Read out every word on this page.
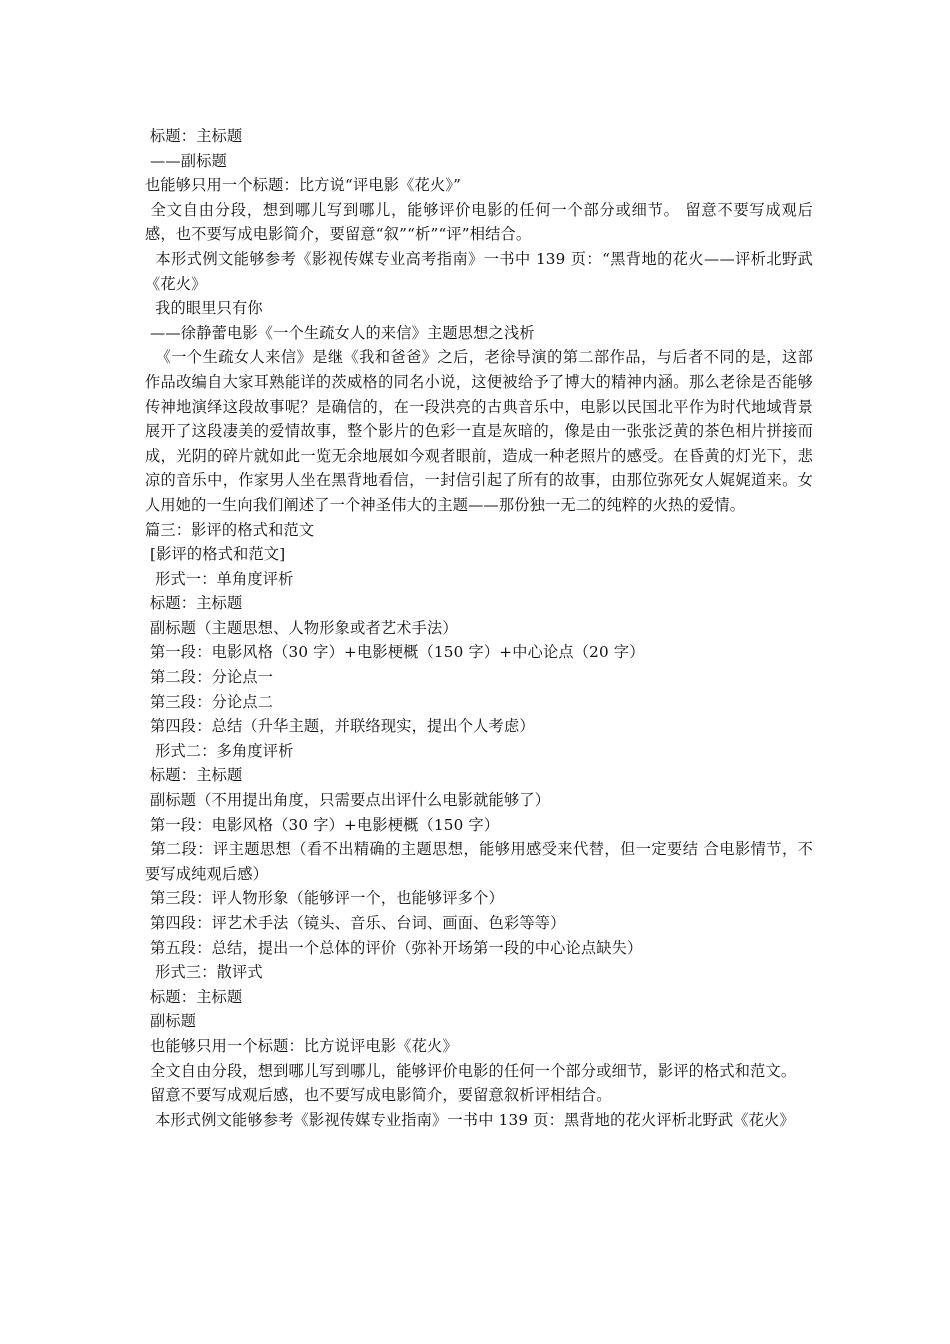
标题：主标题

——副标题

也能够只用一个标题：比方说“评电影《花火》”

全文自由分段，想到哪儿写到哪儿，能够评价电影的任何一个部分或细节。 留意不要写成观后感，也不要写成电影简介，要留意“叙”“析”“评”相结合。

本形式例文能够参考《影视传媒专业高考指南》一书中 139 页：“黑背地的花火——评析北野武《花火》

我的眼里只有你

——徐静蕾电影《一个生疏女人的来信》主题思想之浅析

《一个生疏女人来信》是继《我和爸爸》之后，老徐导演的第二部作品，与后者不同的是，这部作品改编自大家耳熟能详的茨威格的同名小说，这便被给予了博大的精神内涵。那么老徐是否能够传神地演绎这段故事呢？是确信的，在一段洪亮的古典音乐中，电影以民国北平作为时代地域背景展开了这段凄美的爱情故事，整个影片的色彩一直是灰暗的，像是由一张张泛黄的茶色相片拼接而成，光阴的碎片就如此一览无余地展如今观者眼前，造成一种老照片的感受。在昏黄的灯光下，悲凉的音乐中，作家男人坐在黑背地看信，一封信引起了所有的故事，由那位弥死女人娓娓道来。女人用她的一生向我们阐述了一个神圣伟大的主题——那份独一无二的纯粹的火热的爱情。

篇三：影评的格式和范文

[影评的格式和范文]

形式一：单角度评析

标题：主标题

副标题（主题思想、人物形象或者艺术手法）

第一段：电影风格（30 字）+电影梗概（150 字）+中心论点（20 字）

第二段：分论点一

第三段：分论点二

第四段：总结（升华主题，并联络现实，提出个人考虑）

形式二：多角度评析

标题：主标题

副标题（不用提出角度，只需要点出评什么电影就能够了）

第一段：电影风格（30 字）+电影梗概（150 字）

第二段：评主题思想（看不出精确的主题思想，能够用感受来代替，但一定要结 合电影情节，不要写成纯观后感）

第三段：评人物形象（能够评一个，也能够评多个）

第四段：评艺术手法（镜头、音乐、台词、画面、色彩等等）

第五段：总结，提出一个总体的评价（弥补开场第一段的中心论点缺失）

形式三：散评式

标题：主标题

副标题

也能够只用一个标题：比方说评电影《花火》

全文自由分段，想到哪儿写到哪儿，能够评价电影的任何一个部分或细节，影评的格式和范文。

留意不要写成观后感，也不要写成电影简介，要留意叙析评相结合。

本形式例文能够参考《影视传媒专业指南》一书中 139 页：黑背地的花火评析北野武《花火》
